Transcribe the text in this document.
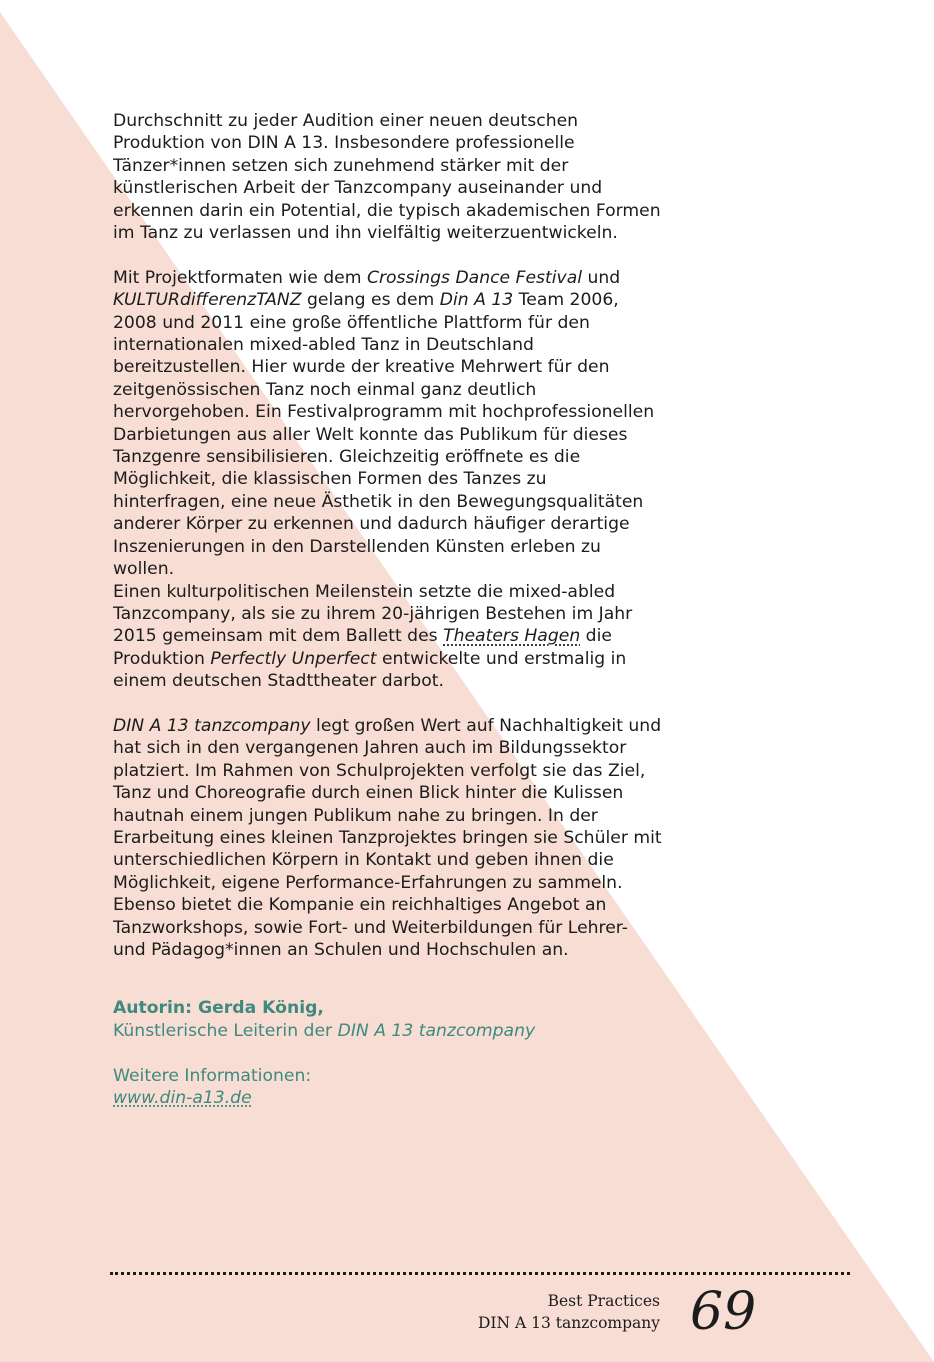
Durchschnitt zu jeder Audition einer neuen deutschen Produktion von DIN A 13. Insbesondere professionelle Tänzer*innen setzen sich zunehmend stärker mit der künstlerischen Arbeit der Tanzcompany auseinander und erkennen darin ein Potential, die typisch akademischen Formen im Tanz zu verlassen und ihn vielfältig weiterzuentwickeln.

Mit Projektformaten wie dem Crossings Dance Festival und KULTURdifferenzTANZ gelang es dem Din A 13 Team 2006, 2008 und 2011 eine große öffentliche Plattform für den internationalen mixed-abled Tanz in Deutschland bereitzustellen. Hier wurde der kreative Mehrwert für den zeitgenössischen Tanz noch einmal ganz deutlich hervorgehoben. Ein Festivalprogramm mit hochprofessionellen Darbietungen aus aller Welt konnte das Publikum für dieses Tanzgenre sensibilisieren. Gleichzeitig eröffnete es die Möglichkeit, die klassischen Formen des Tanzes zu hinterfragen, eine neue Ästhetik in den Bewegungsqualitäten anderer Körper zu erkennen und dadurch häufiger derartige Inszenierungen in den Darstellenden Künsten erleben zu wollen.

Einen kulturpolitischen Meilenstein setzte die mixed-abled Tanzcompany, als sie zu ihrem 20-jährigen Bestehen im Jahr 2015 gemeinsam mit dem Ballett des Theaters Hagen die Produktion Perfectly Unperfect entwickelte und erstmalig in einem deutschen Stadttheater darbot.

DIN A 13 tanzcompany legt großen Wert auf Nachhaltigkeit und hat sich in den vergangenen Jahren auch im Bildungssektor platziert. Im Rahmen von Schulprojekten verfolgt sie das Ziel, Tanz und Choreografie durch einen Blick hinter die Kulissen hautnah einem jungen Publikum nahe zu bringen. In der Erarbeitung eines kleinen Tanzprojektes bringen sie Schüler mit unterschiedlichen Körpern in Kontakt und geben ihnen die Möglichkeit, eigene Performance-Erfahrungen zu sammeln. Ebenso bietet die Kompanie ein reichhaltiges Angebot an Tanzworkshops, sowie Fort- und Weiterbildungen für Lehrer- und Pädagog*innen an Schulen und Hochschulen an.

Autorin: Gerda König,
Künstlerische Leiterin der DIN A 13 tanzcompany

Weitere Informationen:
www.din-a13.de

Best Practices
DIN A 13 tanzcompany 69
